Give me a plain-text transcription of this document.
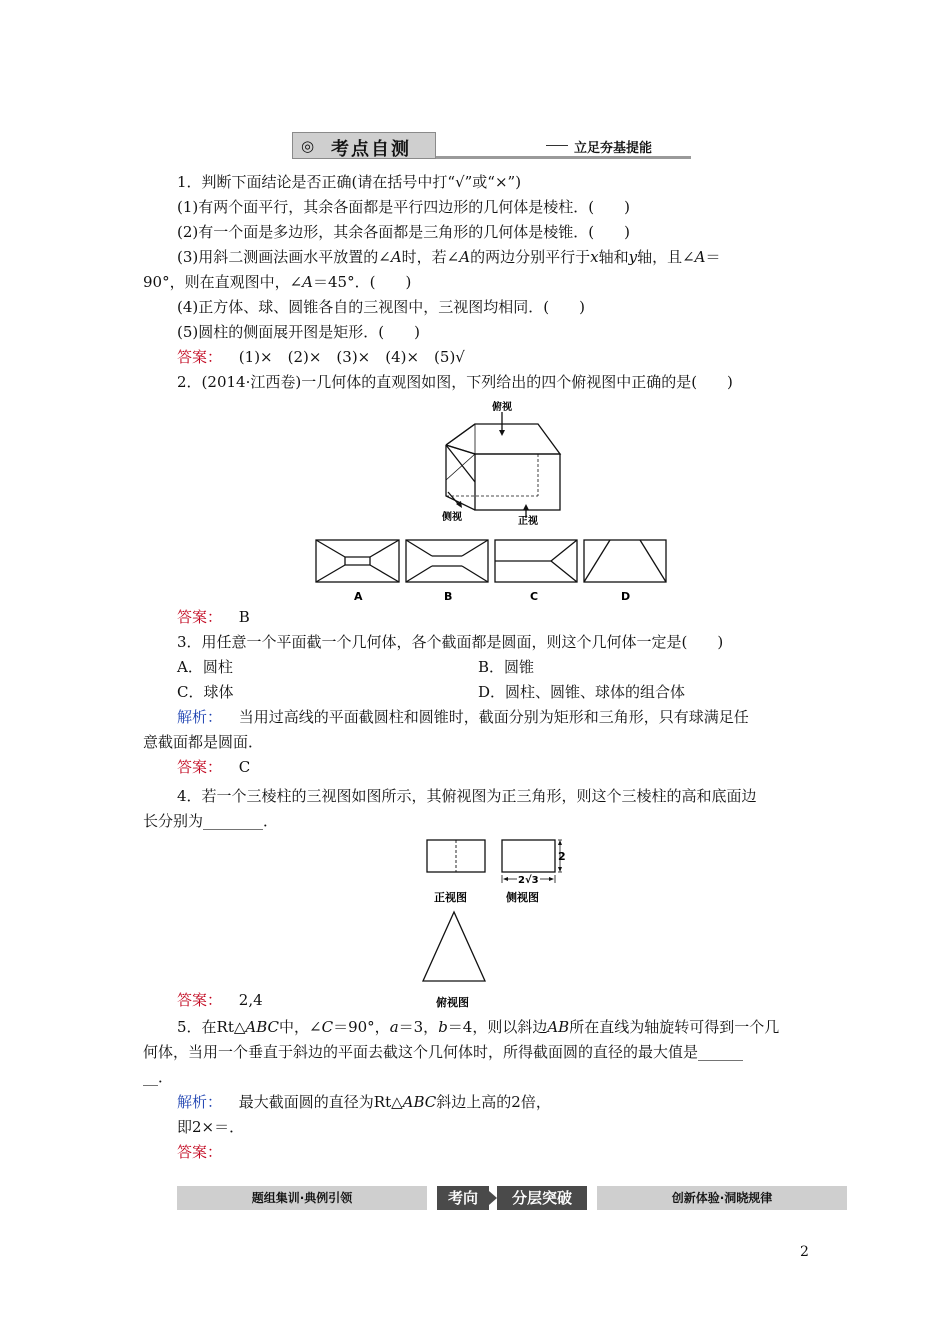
◎ 考点自测	立足夯基提能
1．判断下面结论是否正确(请在括号中打“√”或“×”)
(1)有两个面平行，其余各面都是平行四边形的几何体是棱柱．(　　)
(2)有一个面是多边形，其余各面都是三角形的几何体是棱锥．(　　)
(3)用斜二测画法画水平放置的∠A时，若∠A的两边分别平行于x轴和y轴，且∠A＝
90°，则在直观图中，∠A＝45°．(　　)
(4)正方体、球、圆锥各自的三视图中，三视图均相同．(　　)
(5)圆柱的侧面展开图是矩形．(　　)
答案： (1)×　(2)×　(3)×　(4)×　(5)√
2．(2014·江西卷)一几何体的直观图如图，下列给出的四个俯视图中正确的是(　　)
俯视
侧视	正视
A	B	C	D
答案： B
3．用任意一个平面截一个几何体，各个截面都是圆面，则这个几何体一定是(　　)
A．圆柱	B．圆锥
C．球体	D．圆柱、圆锥、球体的组合体
解析： 当用过高线的平面截圆柱和圆锥时，截面分别为矩形和三角形，只有球满足任
意截面都是圆面．
答案： C
4．若一个三棱柱的三视图如图所示，其俯视图为正三角形，则这个三棱柱的高和底面边
长分别为________．
2
2√3
正视图	侧视图
俯视图
答案： 2,4
5．在Rt△ABC中，∠C＝90°，a＝3，b＝4，则以斜边AB所在直线为轴旋转可得到一个几
何体，当用一个垂直于斜边的平面去截这个几何体时，所得截面圆的直径的最大值是______
__．
解析： 最大截面圆的直径为Rt△ABC斜边上高的2倍，
即2×＝．
答案：
题组集训·典例引领	考向	分层突破	创新体验·洞晓规律
2
